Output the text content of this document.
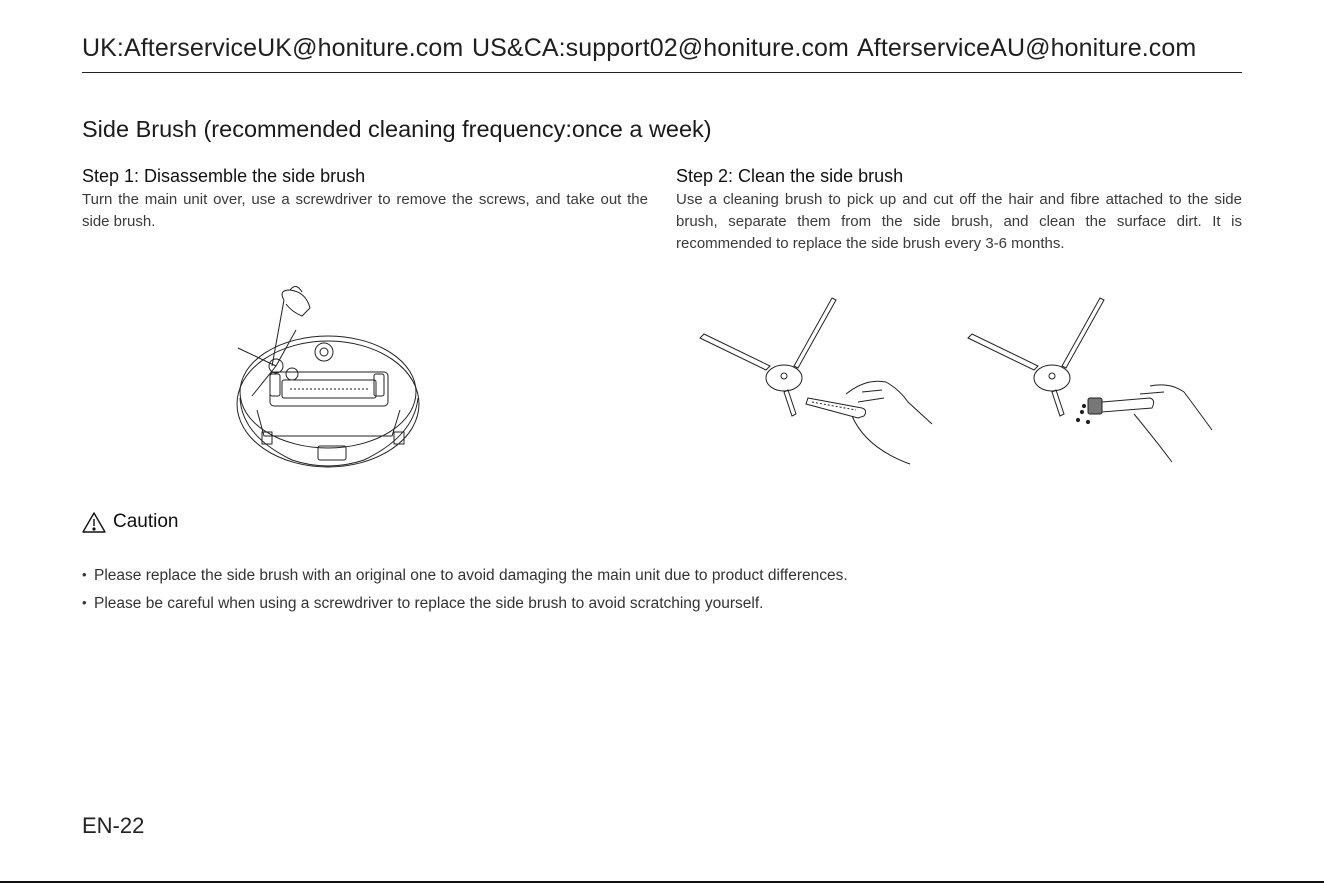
UK:AfterserviceUK@honiture.com US&CA:support02@honiture.com AfterserviceAU@honiture.com
Side Brush (recommended cleaning frequency:once a week)
Step 1: Disassemble the side brush
Turn the main unit over, use a screwdriver to remove the screws, and take out the side brush.
Step 2: Clean the side brush
Use a cleaning brush to pick up and cut off the hair and fibre attached to the side brush, separate them from the side brush, and clean the surface dirt. It is recommended to replace the side brush every 3-6 months.
Caution
• Please replace the side brush with an original one to avoid damaging the main unit due to product differences.
• Please be careful when using a screwdriver to replace the side brush to avoid scratching yourself.
EN-22
